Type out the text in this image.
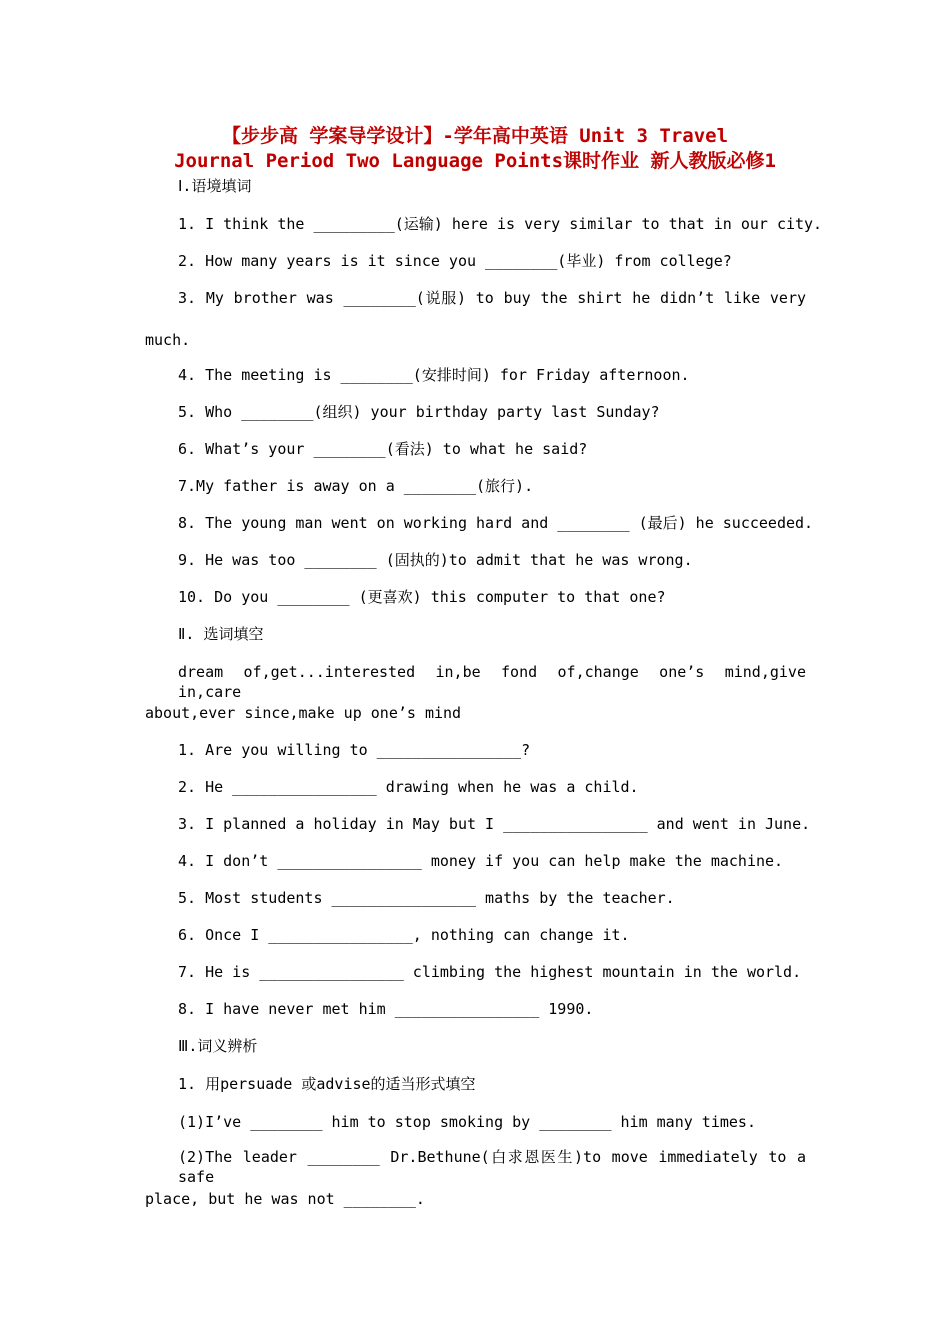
【步步高 学案导学设计】-学年高中英语 Unit 3 Travel
Journal Period Two Language Points课时作业 新人教版必修1
Ⅰ.语境填词
1. I think the _________(运输) here is very similar to that in our city.
2. How many years is it since you ________(毕业) from college?
3. My brother was ________(说服) to buy the shirt he didn’t like very
much.
4. The meeting is ________(安排时间) for Friday afternoon.
5. Who ________(组织) your birthday party last Sunday?
6. What’s your ________(看法) to what he said?
7.My father is away on a ________(旅行).
8. The young man went on working hard and ________ (最后) he succeeded.
9. He was too ________ (固执的)to admit that he was wrong.
10. Do you ________ (更喜欢) this computer to that one?
Ⅱ. 选词填空
dream of,get...interested in,be fond of,change one’s mind,give in,care
about,ever since,make up one’s mind
1. Are you willing to ________________?
2. He ________________ drawing when he was a child.
3. I planned a holiday in May but I ________________ and went in June.
4. I don’t ________________ money if you can help make the machine.
5. Most students ________________ maths by the teacher.
6. Once I ________________, nothing can change it.
7. He is ________________ climbing the highest mountain in the world.
8. I have never met him ________________ 1990.
Ⅲ.词义辨析
1. 用persuade 或advise的适当形式填空
(1)I’ve ________ him to stop smoking by ________ him many times.
(2)The leader ________ Dr.Bethune(白求恩医生)to move immediately to a safe
place, but he was not ________.
